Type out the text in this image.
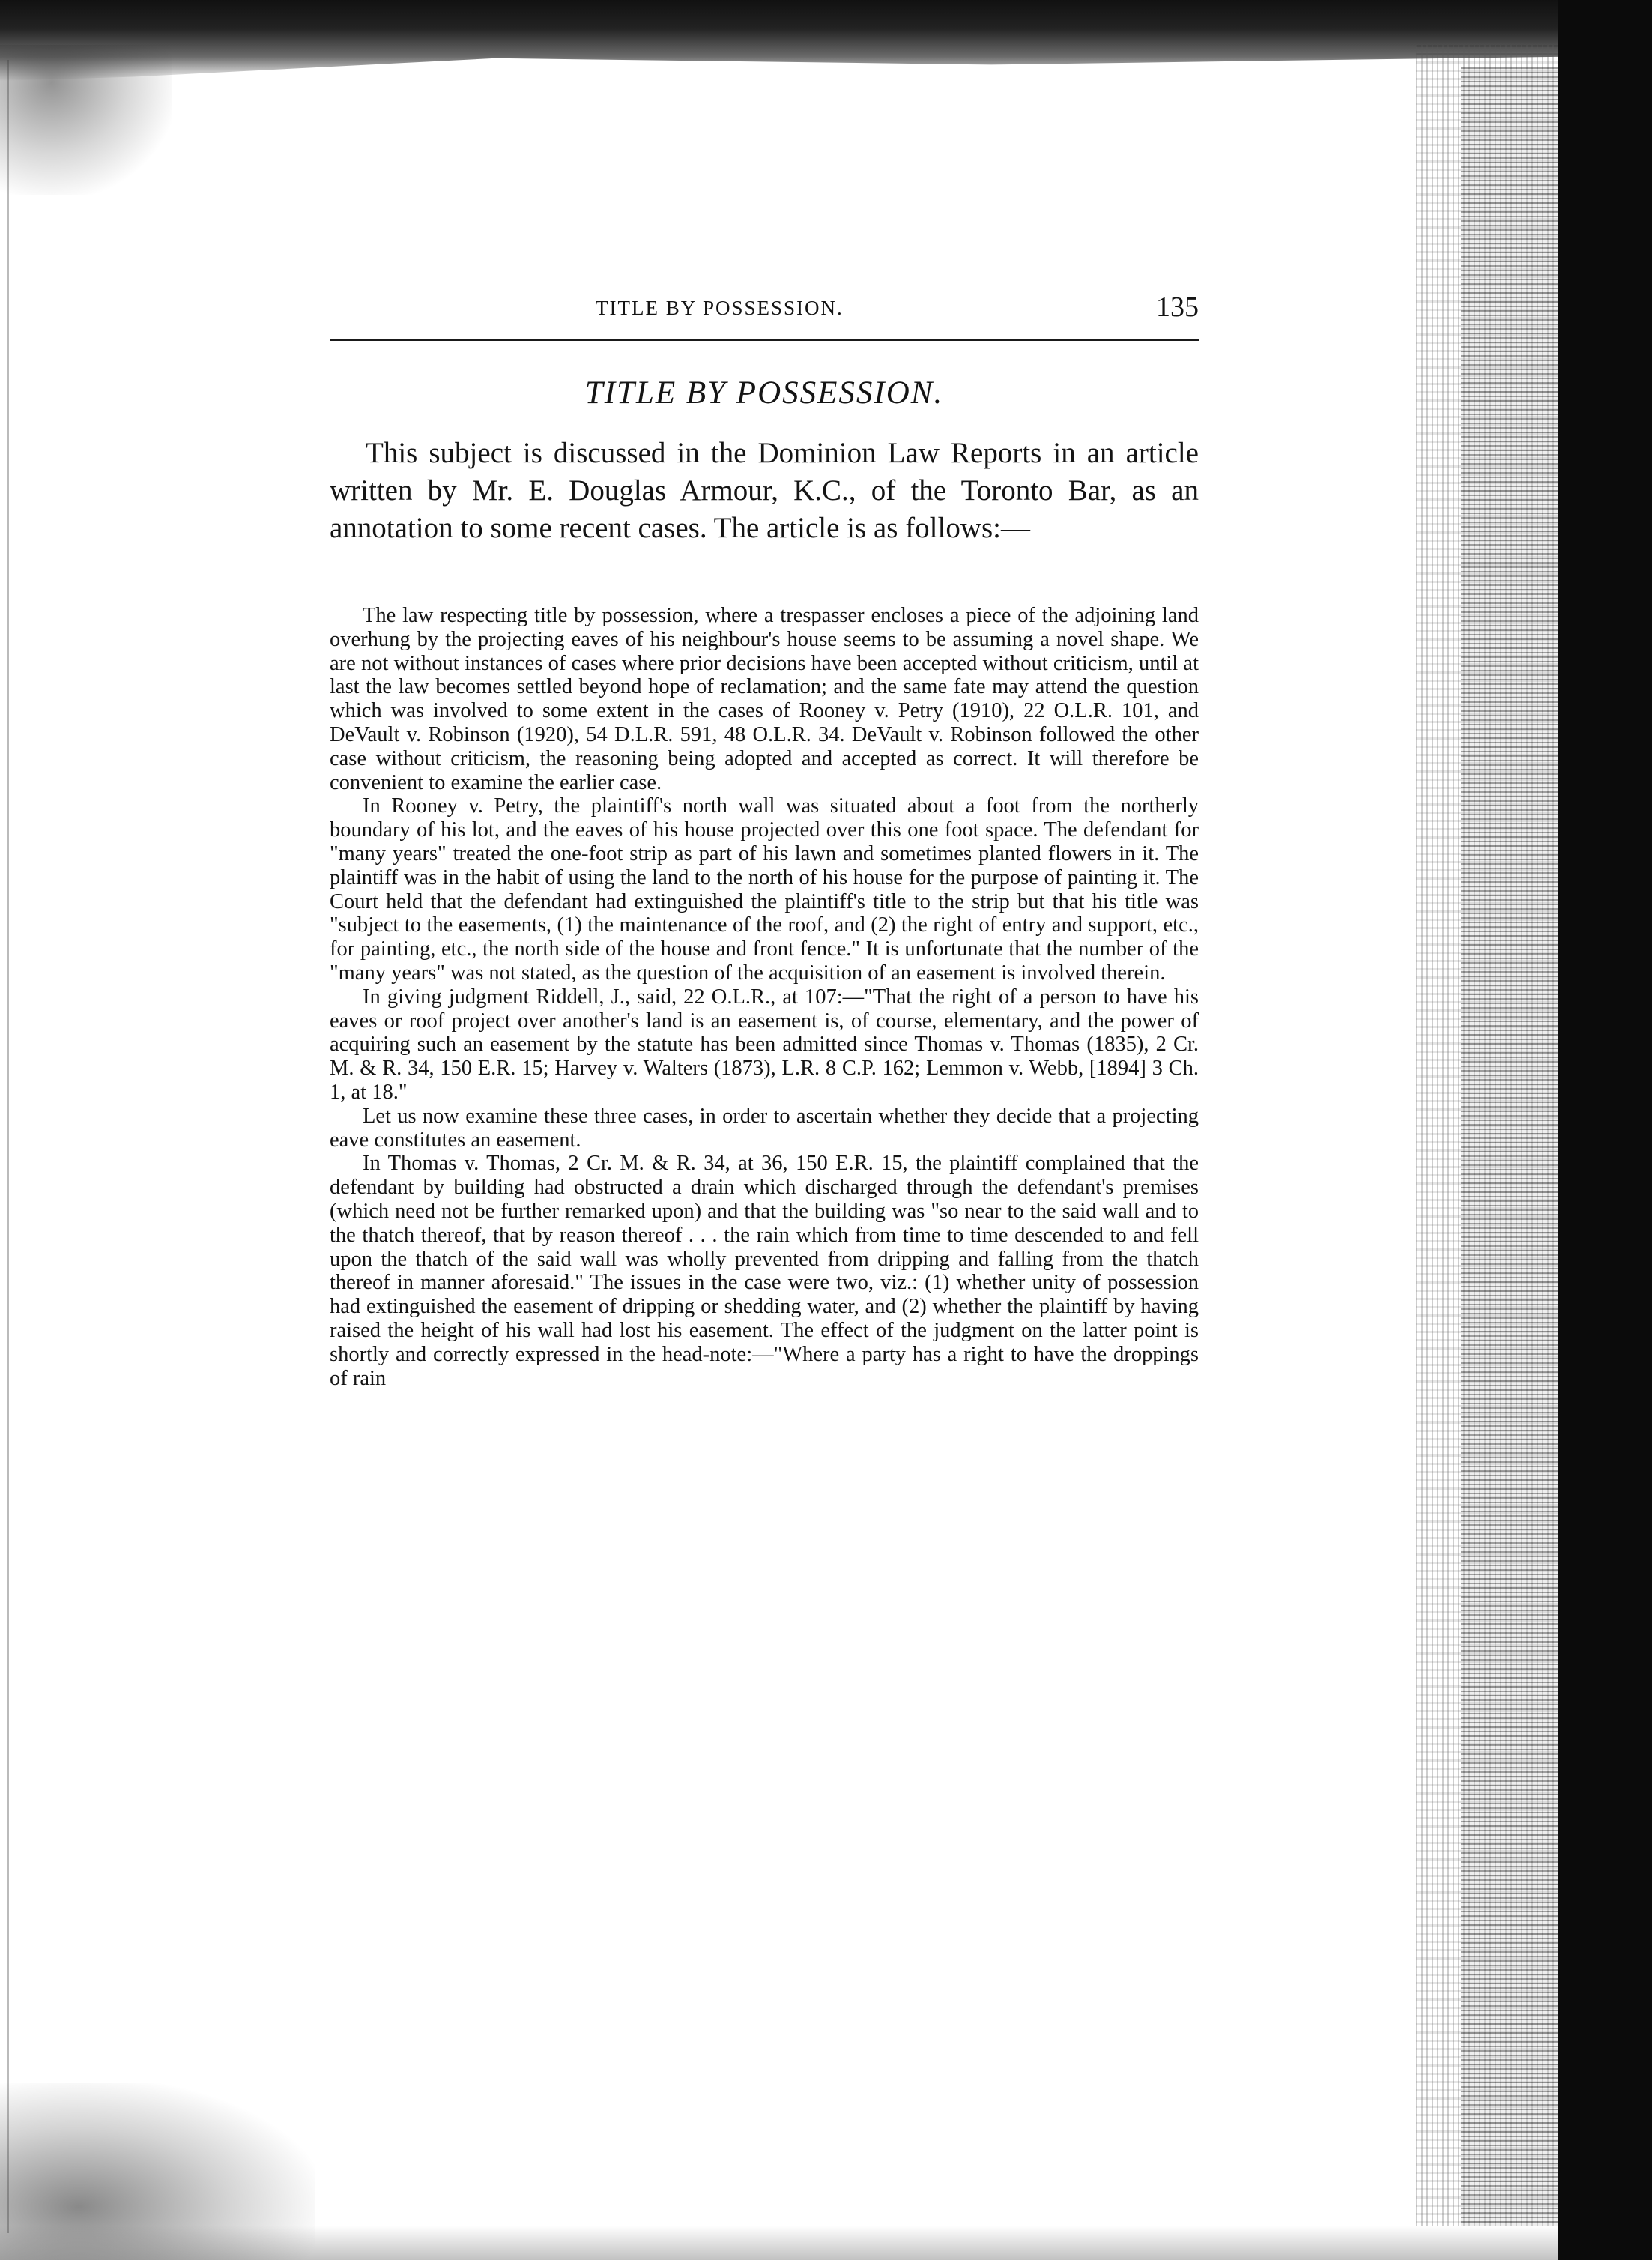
TITLE BY POSSESSION.	135
TITLE BY POSSESSION.

This subject is discussed in the Dominion Law Reports in an article written by Mr. E. Douglas Armour, K.C., of the Toronto Bar, as an annotation to some recent cases. The article is as follows:—

The law respecting title by possession, where a trespasser encloses a piece of the adjoining land overhung by the projecting eaves of his neighbour's house seems to be assuming a novel shape. We are not without instances of cases where prior decisions have been accepted without criticism, until at last the law becomes settled beyond hope of reclamation; and the same fate may attend the question which was involved to some extent in the cases of Rooney v. Petry (1910), 22 O.L.R. 101, and DeVault v. Robinson (1920), 54 D.L.R. 591, 48 O.L.R. 34. DeVault v. Robinson followed the other case without criticism, the reasoning being adopted and accepted as correct. It will therefore be convenient to examine the earlier case.

In Rooney v. Petry, the plaintiff's north wall was situated about a foot from the northerly boundary of his lot, and the eaves of his house projected over this one foot space. The defendant for "many years" treated the one-foot strip as part of his lawn and sometimes planted flowers in it. The plaintiff was in the habit of using the land to the north of his house for the purpose of painting it. The Court held that the defendant had extinguished the plaintiff's title to the strip but that his title was "subject to the easements, (1) the maintenance of the roof, and (2) the right of entry and support, etc., for painting, etc., the north side of the house and front fence." It is unfortunate that the number of the "many years" was not stated, as the question of the acquisition of an easement is involved therein.

In giving judgment Riddell, J., said, 22 O.L.R., at 107:—"That the right of a person to have his eaves or roof project over another's land is an easement is, of course, elementary, and the power of acquiring such an easement by the statute has been admitted since Thomas v. Thomas (1835), 2 Cr. M. & R. 34, 150 E.R. 15; Harvey v. Walters (1873), L.R. 8 C.P. 162; Lemmon v. Webb, [1894] 3 Ch. 1, at 18."

Let us now examine these three cases, in order to ascertain whether they decide that a projecting eave constitutes an easement.

In Thomas v. Thomas, 2 Cr. M. & R. 34, at 36, 150 E.R. 15, the plaintiff complained that the defendant by building had obstructed a drain which discharged through the defendant's premises (which need not be further remarked upon) and that the building was "so near to the said wall and to the thatch thereof, that by reason thereof . . . the rain which from time to time descended to and fell upon the thatch of the said wall was wholly prevented from dripping and falling from the thatch thereof in manner aforesaid." The issues in the case were two, viz.: (1) whether unity of possession had extinguished the easement of dripping or shedding water, and (2) whether the plaintiff by having raised the height of his wall had lost his easement. The effect of the judgment on the latter point is shortly and correctly expressed in the head-note:—"Where a party has a right to have the droppings of rain
